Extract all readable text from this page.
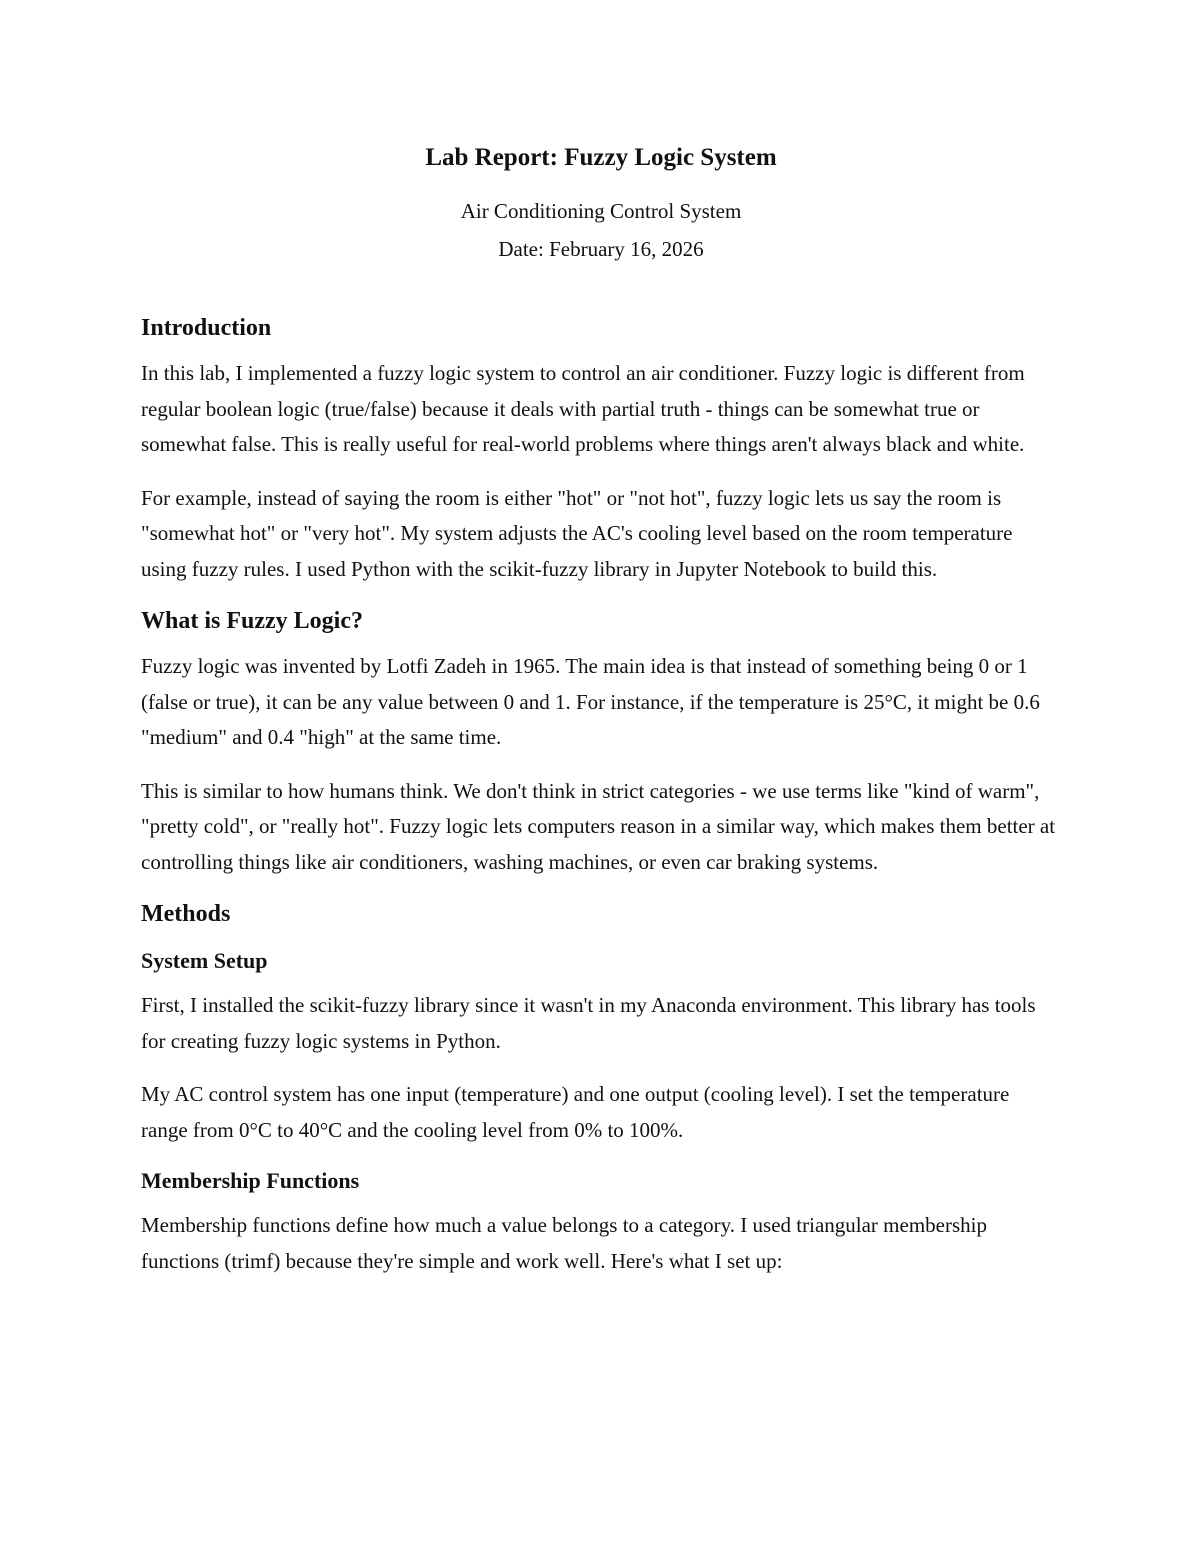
Lab Report: Fuzzy Logic System

Air Conditioning Control System

Date: February 16, 2026

Introduction

In this lab, I implemented a fuzzy logic system to control an air conditioner. Fuzzy logic is different from regular boolean logic (true/false) because it deals with partial truth - things can be somewhat true or somewhat false. This is really useful for real-world problems where things aren't always black and white.

For example, instead of saying the room is either "hot" or "not hot", fuzzy logic lets us say the room is "somewhat hot" or "very hot". My system adjusts the AC's cooling level based on the room temperature using fuzzy rules. I used Python with the scikit-fuzzy library in Jupyter Notebook to build this.

What is Fuzzy Logic?

Fuzzy logic was invented by Lotfi Zadeh in 1965. The main idea is that instead of something being 0 or 1 (false or true), it can be any value between 0 and 1. For instance, if the temperature is 25°C, it might be 0.6 "medium" and 0.4 "high" at the same time.

This is similar to how humans think. We don't think in strict categories - we use terms like "kind of warm", "pretty cold", or "really hot". Fuzzy logic lets computers reason in a similar way, which makes them better at controlling things like air conditioners, washing machines, or even car braking systems.

Methods
System Setup

First, I installed the scikit-fuzzy library since it wasn't in my Anaconda environment. This library has tools for creating fuzzy logic systems in Python.

My AC control system has one input (temperature) and one output (cooling level). I set the temperature range from 0°C to 40°C and the cooling level from 0% to 100%.

Membership Functions

Membership functions define how much a value belongs to a category. I used triangular membership functions (trimf) because they're simple and work well. Here's what I set up:
